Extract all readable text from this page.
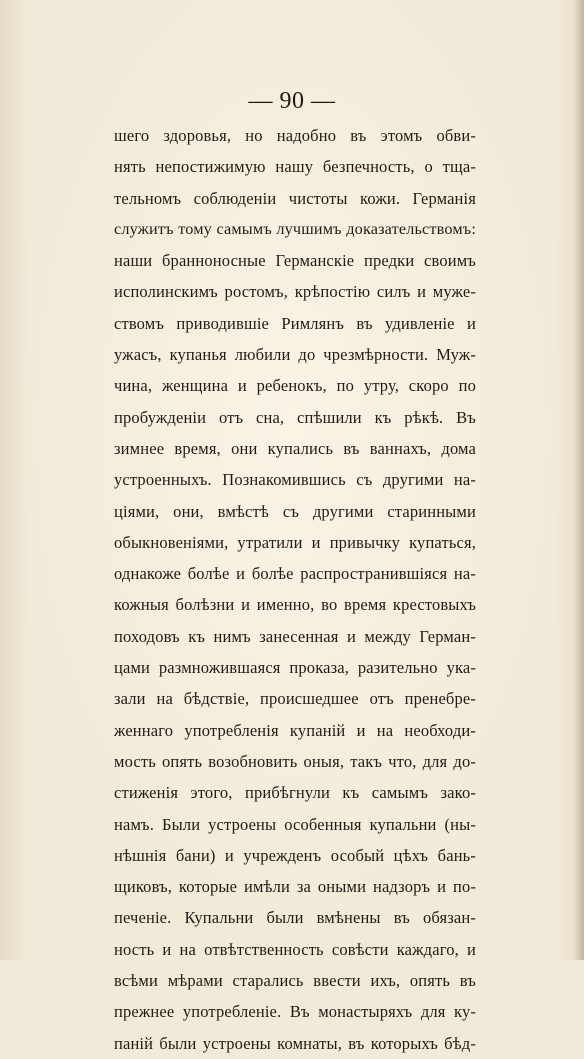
— 90 —
шего здоровья, но надобно въ этомъ обви-
нять непостижимую нашу безпечность, о тща-
тельномъ соблюденіи чистоты кожи. Германія
служитъ тому самымъ лучшимъ доказательствомъ:
наши бранноносные Германскіе предки своимъ
исполинскимъ ростомъ, крѣпостію силъ и муже-
ствомъ приводившіе Римлянъ въ удивленіе и
ужасъ, купанья любили до чрезмѣрности. Муж-
чина, женщина и ребенокъ, по утру, скоро по
пробужденіи отъ сна, спѣшили къ рѣкѣ. Въ
зимнее время, они купались въ ваннахъ, дома
устроенныхъ. Познакомившись съ другими на-
ціями, они, вмѣстѣ съ другими старинными
обыкновеніями, утратили и привычку купаться,
однакоже болѣе и болѣе распространившіяся на-
кожныя болѣзни и именно, во время крестовыхъ
походовъ къ нимъ занесенная и между Герман-
цами размножившаяся проказа, разительно ука-
зали на бѣдствіе, происшедшее отъ пренебре-
женнаго употребленія купаній и на необходи-
мость опять возобновить оныя, такъ что, для до-
стиженія этого, прибѣгнули къ самымъ зако-
намъ. Были устроены особенныя купальни (ны-
нѣшнія бани) и учрежденъ особый цѣхъ бань-
щиковъ, которые имѣли за оными надзоръ и по-
печеніе. Купальни были вмѣнены въ обязан-
ность и на отвѣтственность совѣсти каждаго, и
всѣми мѣрами старались ввести ихъ, опять въ
прежнее употребленіе. Въ монастыряхъ для ку-
паній были устроены комнаты, въ которыхъ бѣд-
